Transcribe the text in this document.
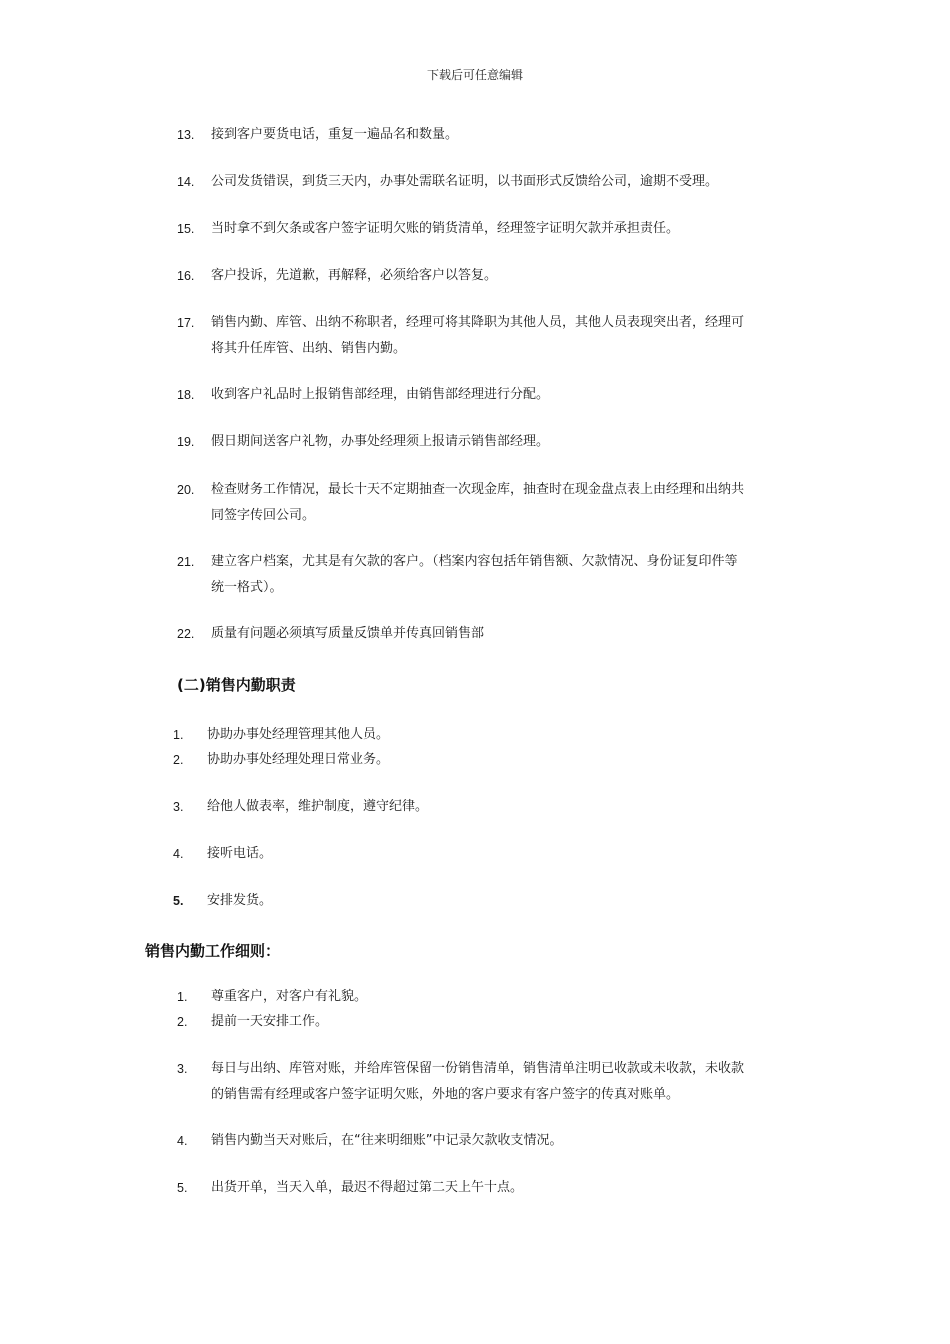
下载后可任意编辑
13.	接到客户要货电话，重复一遍品名和数量。
14.	公司发货错误，到货三天内，办事处需联名证明，以书面形式反馈给公司，逾期不受理。
15.	当时拿不到欠条或客户签字证明欠账的销货清单，经理签字证明欠款并承担责任。
16.	客户投诉，先道歉，再解释，必须给客户以答复。
17.	销售内勤、库管、出纳不称职者，经理可将其降职为其他人员，其他人员表现突出者，经理可
将其升任库管、出纳、销售内勤。
18.	收到客户礼品时上报销售部经理，由销售部经理进行分配。
19.	假日期间送客户礼物，办事处经理须上报请示销售部经理。
20.	检查财务工作情况，最长十天不定期抽查一次现金库，抽查时在现金盘点表上由经理和出纳共
同签字传回公司。
21.	建立客户档案，尤其是有欠款的客户。（档案内容包括年销售额、欠款情况、身份证复印件等
统一格式）。
22.	质量有问题必须填写质量反馈单并传真回销售部
(二)销售内勤职责
1.	协助办事处经理管理其他人员。
2.	协助办事处经理处理日常业务。
3.	给他人做表率，维护制度，遵守纪律。
4.	接听电话。
5.	安排发货。
销售内勤工作细则：
1.	尊重客户，对客户有礼貌。
2.	提前一天安排工作。
3.	每日与出纳、库管对账，并给库管保留一份销售清单，销售清单注明已收款或未收款，未收款
的销售需有经理或客户签字证明欠账，外地的客户要求有客户签字的传真对账单。
4.	销售内勤当天对账后，在“往来明细账”中记录欠款收支情况。
5.	出货开单，当天入单，最迟不得超过第二天上午十点。
